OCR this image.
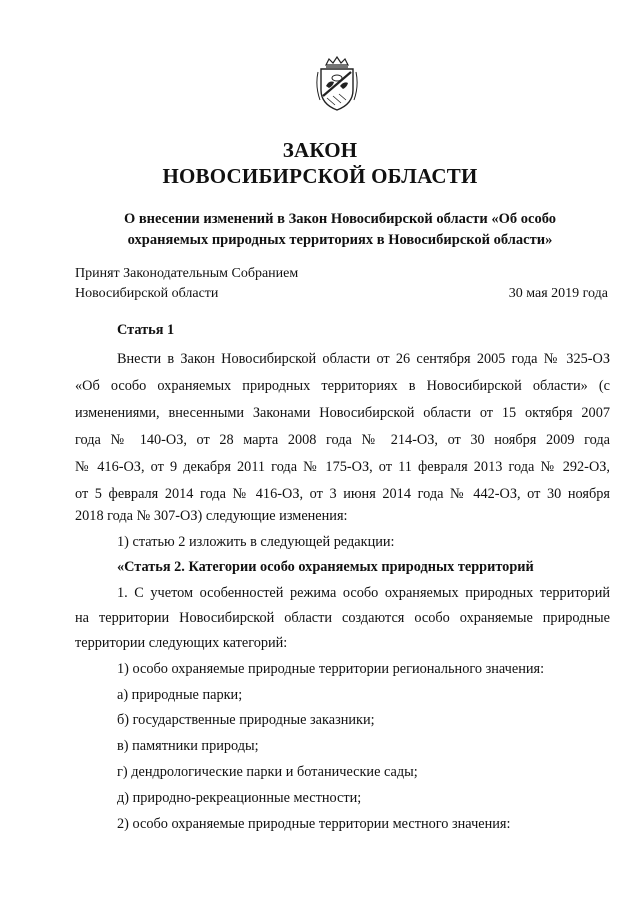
ЗАКОН
НОВОСИБИРСКОЙ ОБЛАСТИ
О внесении изменений в Закон Новосибирской области «Об особо
охраняемых природных территориях в Новосибирской области»
Принят Законодательным Собранием
Новосибирской области	30 мая 2019 года
Статья 1
Внести в Закон Новосибирской области от 26 сентября 2005 года № 325-ОЗ
«Об особо охраняемых природных территориях в Новосибирской области» (с
изменениями, внесенными Законами Новосибирской области от 15 октября 2007
года № 140-ОЗ, от 28 марта 2008 года № 214-ОЗ, от 30 ноября 2009 года
№ 416-ОЗ, от 9 декабря 2011 года № 175-ОЗ, от 11 февраля 2013 года № 292-ОЗ,
от 5 февраля 2014 года № 416-ОЗ, от 3 июня 2014 года № 442-ОЗ, от 30 ноября
2018 года № 307-ОЗ) следующие изменения:
1) статью 2 изложить в следующей редакции:
«Статья 2. Категории особо охраняемых природных территорий
1. С учетом особенностей режима особо охраняемых природных территорий
на территории Новосибирской области создаются особо охраняемые природные
территории следующих категорий:
1) особо охраняемые природные территории регионального значения:
а) природные парки;
б) государственные природные заказники;
в) памятники природы;
г) дендрологические парки и ботанические сады;
д) природно-рекреационные местности;
2) особо охраняемые природные территории местного значения:
